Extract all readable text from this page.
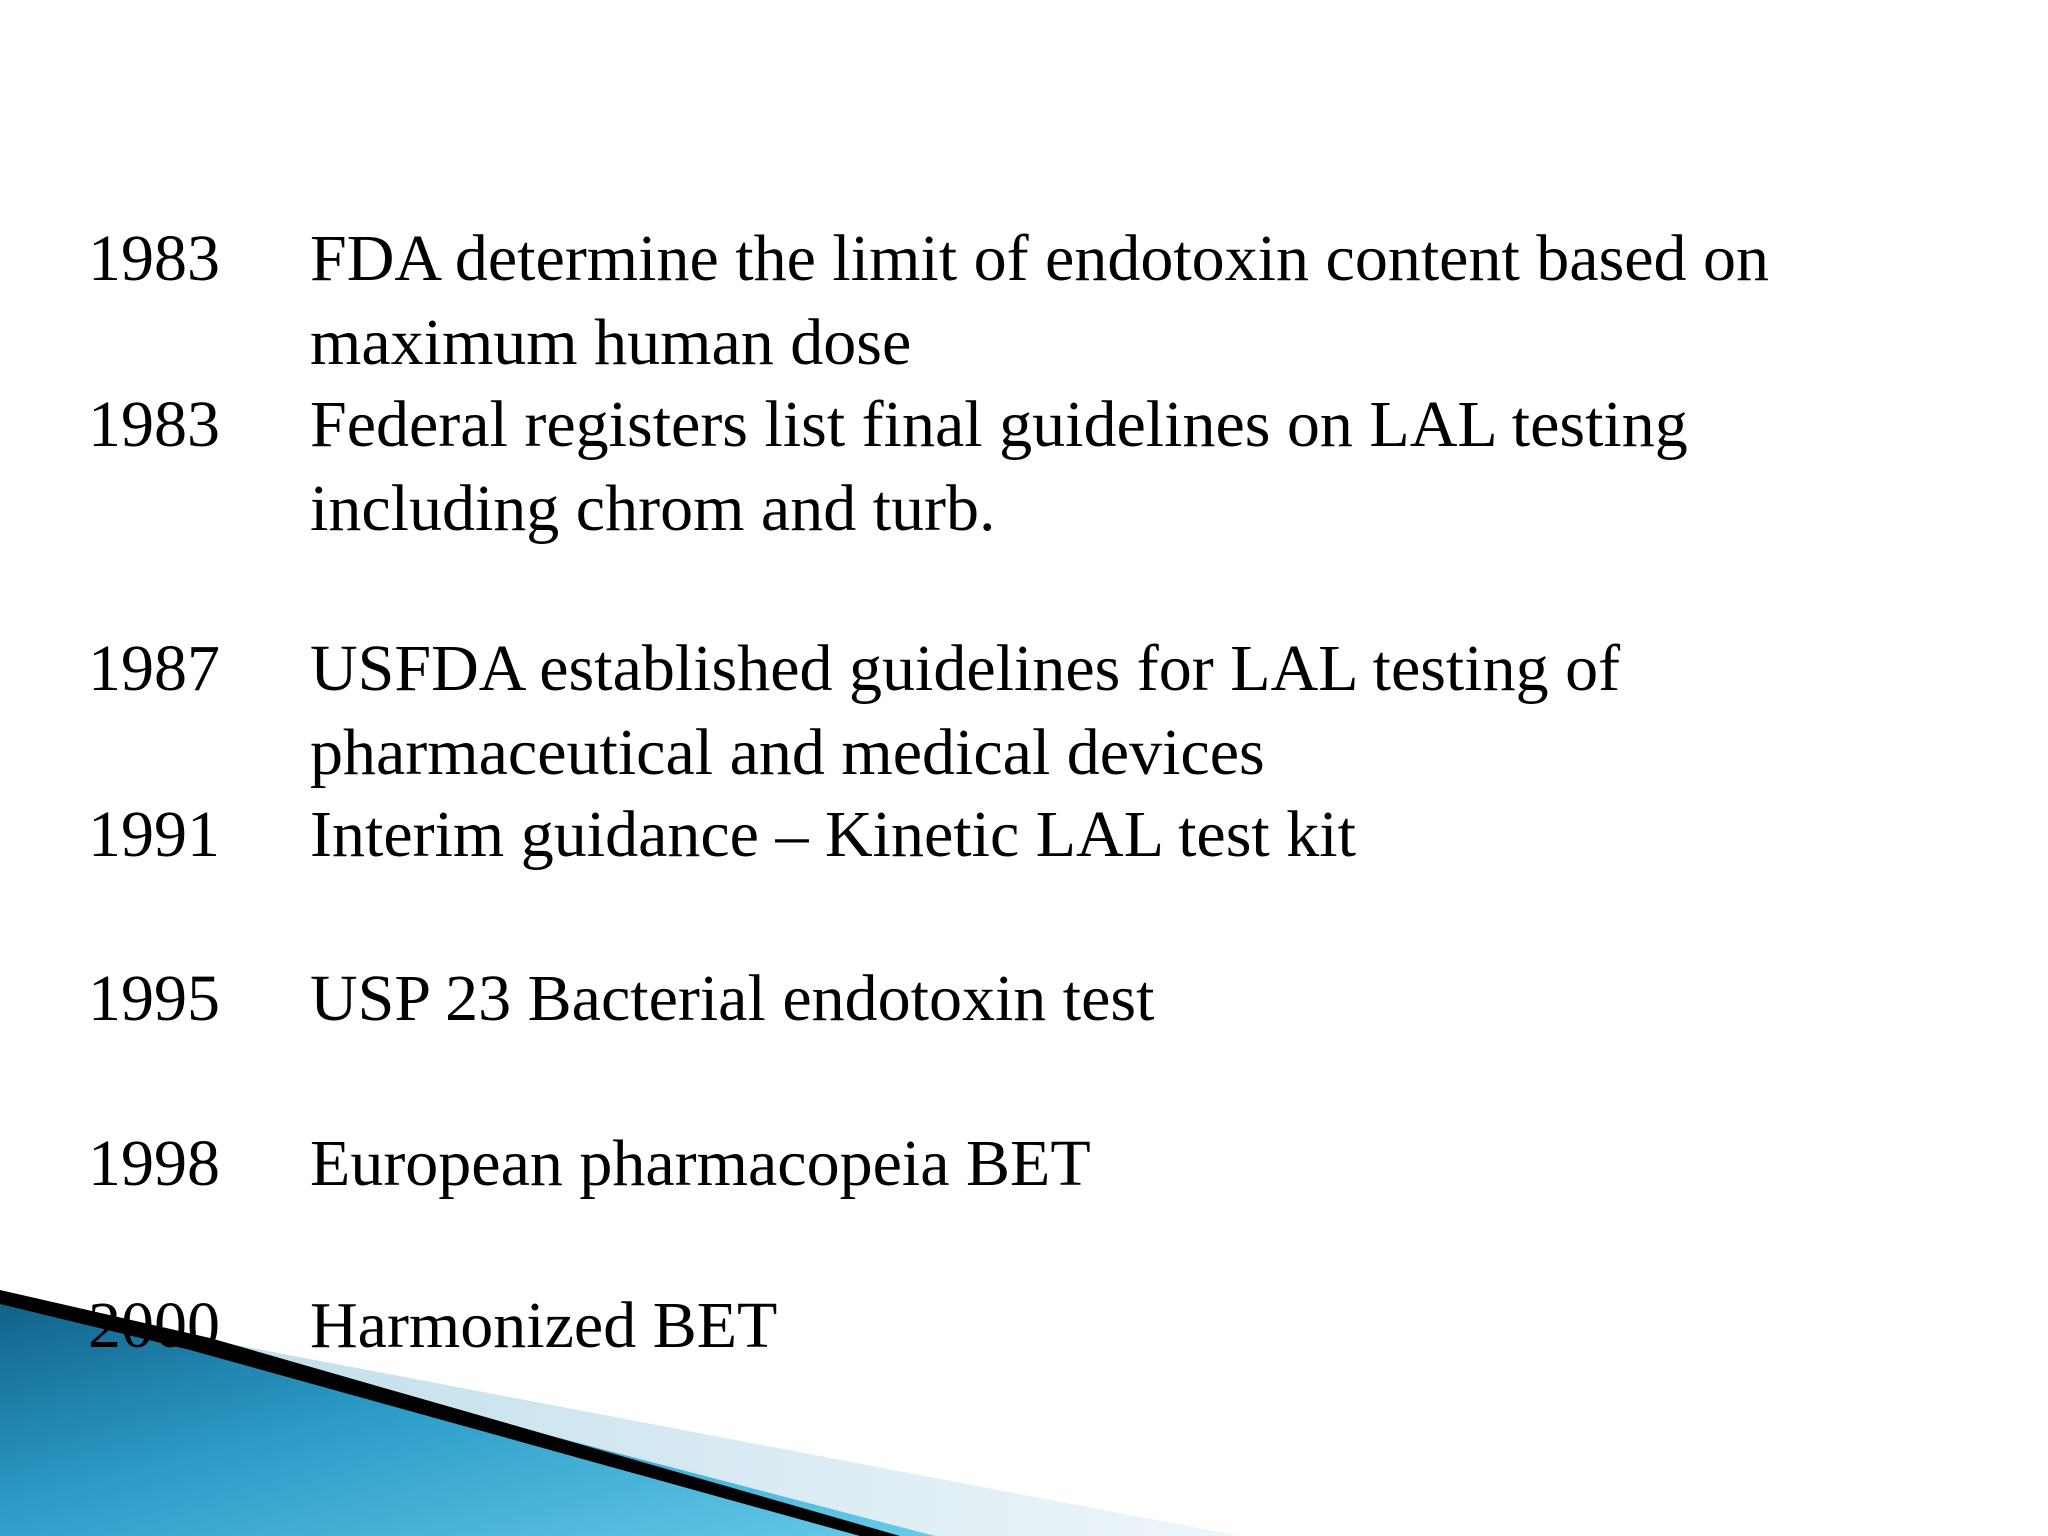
1983 FDA determine the limit of endotoxin content based on
maximum human dose
1983 Federal registers list final guidelines on LAL testing
including chrom and turb.
1987 USFDA established guidelines for LAL testing of
pharmaceutical and medical devices
1991 Interim guidance – Kinetic LAL test kit
1995 USP 23 Bacterial endotoxin test
1998 European pharmacopeia BET
2000 Harmonized BET
